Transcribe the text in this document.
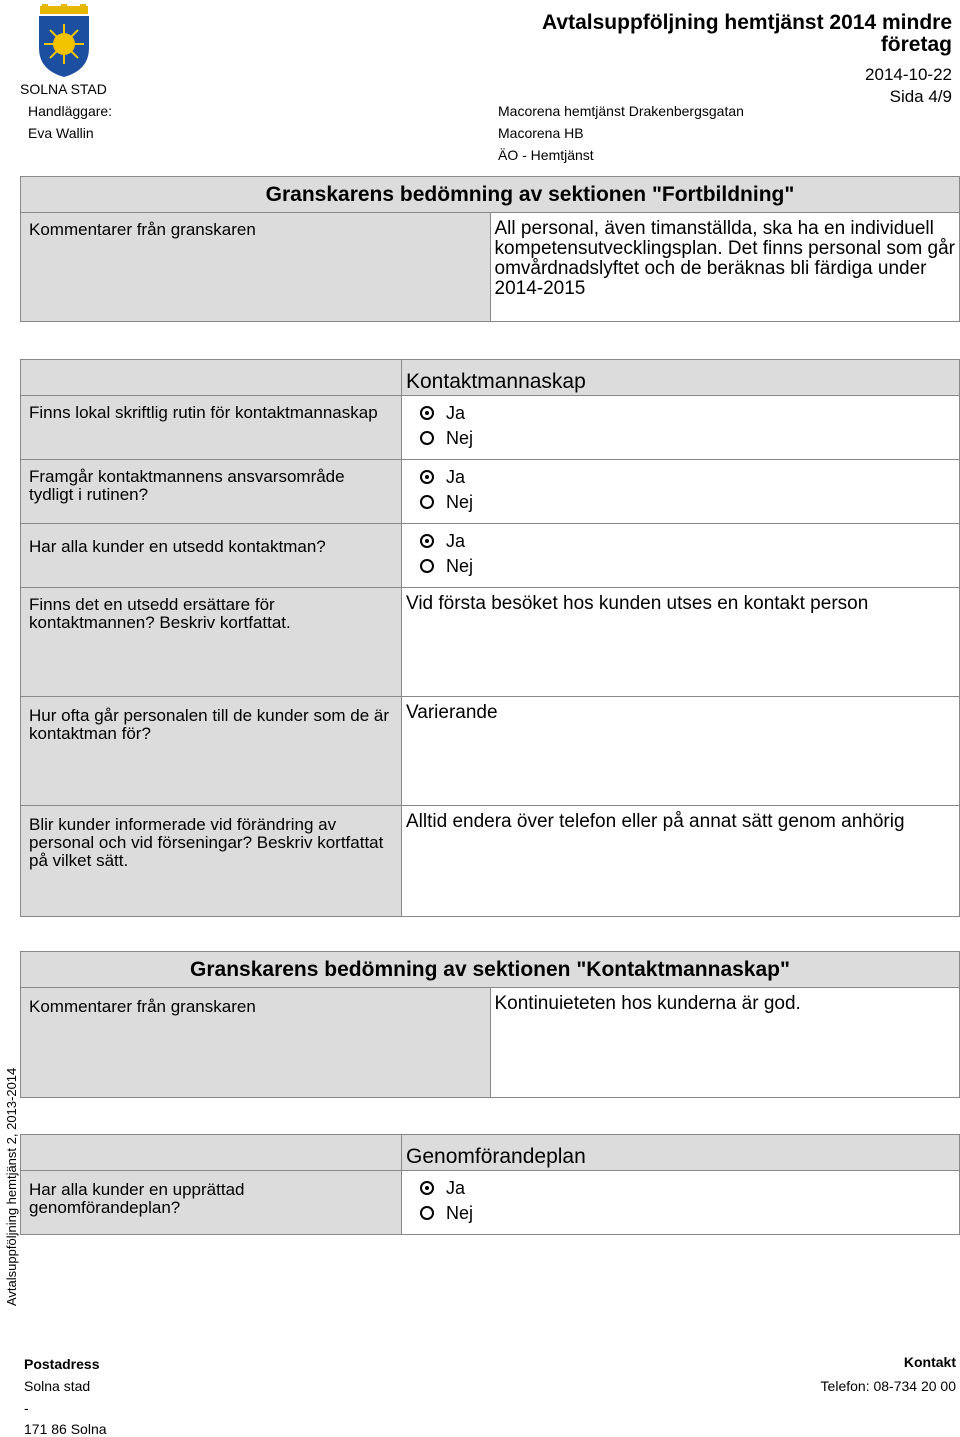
SOLNA STAD
Handläggare:
Eva Wallin
Macorena hemtjänst Drakenbergsgatan
Macorena HB
ÄO - Hemtjänst
Avtalsuppföljning hemtjänst 2014 mindre företag
2014-10-22
Sida 4/9
Granskarens bedömning av sektionen "Fortbildning"

Kommentarer från granskaren	All personal, även timanställda, ska ha en individuell kompetensutvecklingsplan. Det finns personal som går omvårdnadslyftet och de beräknas bli färdiga under 2014-2015

	Kontaktmannaskap

Finns lokal skriftlig rutin för kontaktmannaskap	Ja
Nej

Framgår kontaktmannens ansvarsområde tydligt i rutinen?	Ja
Nej

Har alla kunder en utsedd kontaktman?	Ja
Nej

Finns det en utsedd ersättare för kontaktmannen? Beskriv kortfattat.	Vid första besöket hos kunden utses en kontakt person
Hur ofta går personalen till de kunder som de är kontaktman för?	Varierande
Blir kunder informerade vid förändring av personal och vid förseningar? Beskriv kortfattat på vilket sätt.	Alltid endera över telefon eller på annat sätt genom anhörig
Granskarens bedömning av sektionen "Kontaktmannaskap"

Kommentarer från granskaren	Kontinuieteten hos kunderna är god.

	Genomförandeplan

Har alla kunder en upprättad genomförandeplan?	Ja
Nej
Avtalsuppföljning hemtjänst 2, 2013-2014
Postadress
Solna stad
-
171 86 Solna
Kontakt
Telefon: 08-734 20 00
